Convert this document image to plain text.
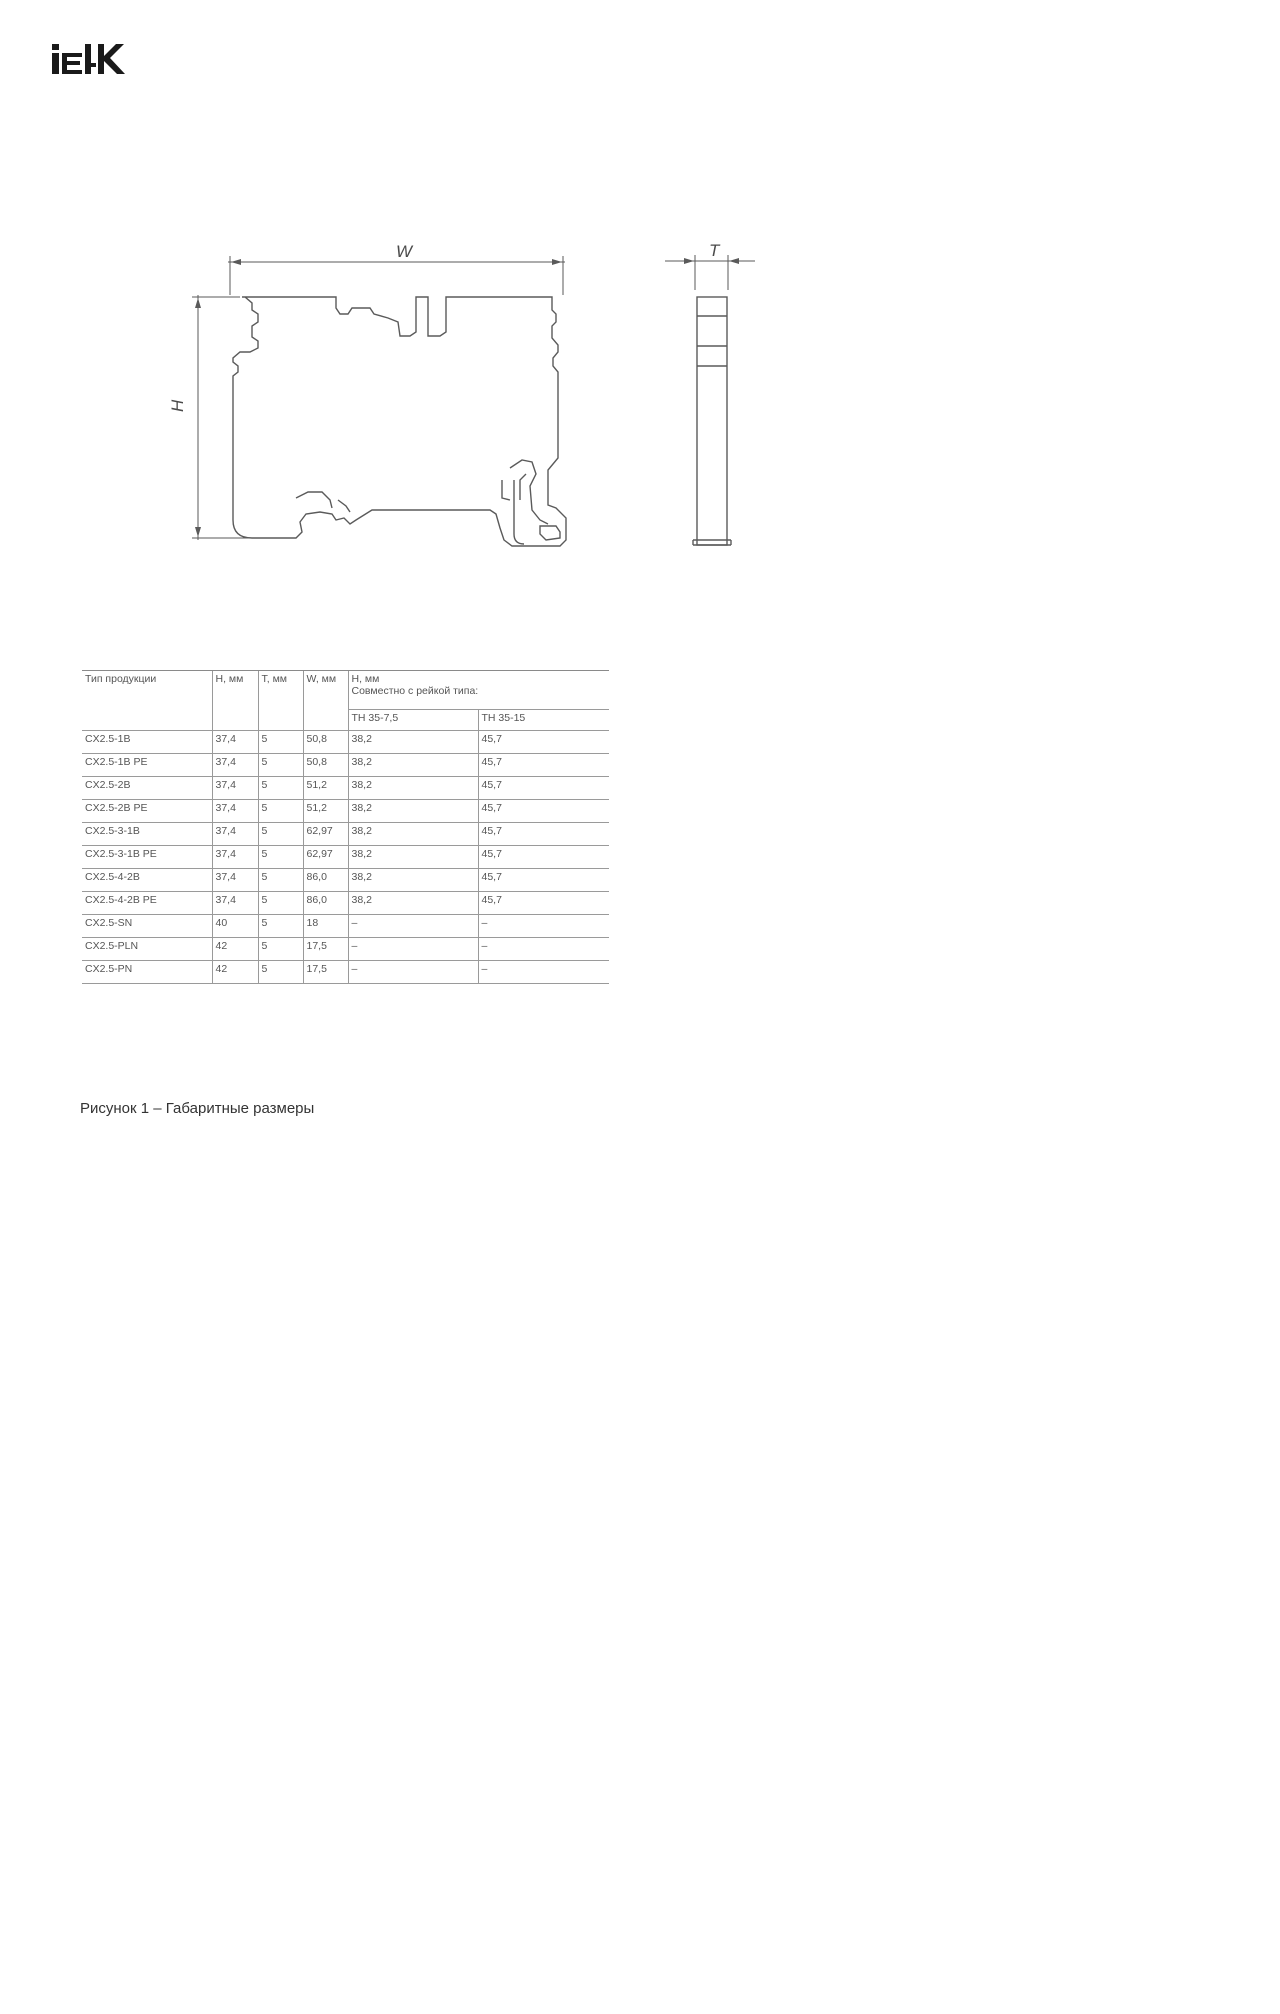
W
H
T
Тип продукции	H, мм	T, мм	W, мм	H, мм
Совместно с рейкой типа:	

				TH 35-7,5	TH 35-15
CX2.5-1B	37,4	5	50,8	38,2	45,7
CX2.5-1B PE	37,4	5	50,8	38,2	45,7
CX2.5-2B	37,4	5	51,2	38,2	45,7
CX2.5-2B PE	37,4	5	51,2	38,2	45,7
CX2.5-3-1B	37,4	5	62,97	38,2	45,7
CX2.5-3-1B PE	37,4	5	62,97	38,2	45,7
CX2.5-4-2B	37,4	5	86,0	38,2	45,7
CX2.5-4-2B PE	37,4	5	86,0	38,2	45,7
CX2.5-SN	40	5	18	–	–
CX2.5-PLN	42	5	17,5	–	–
CX2.5-PN	42	5	17,5	–	–
Рисунок 1 – Габаритные размеры
